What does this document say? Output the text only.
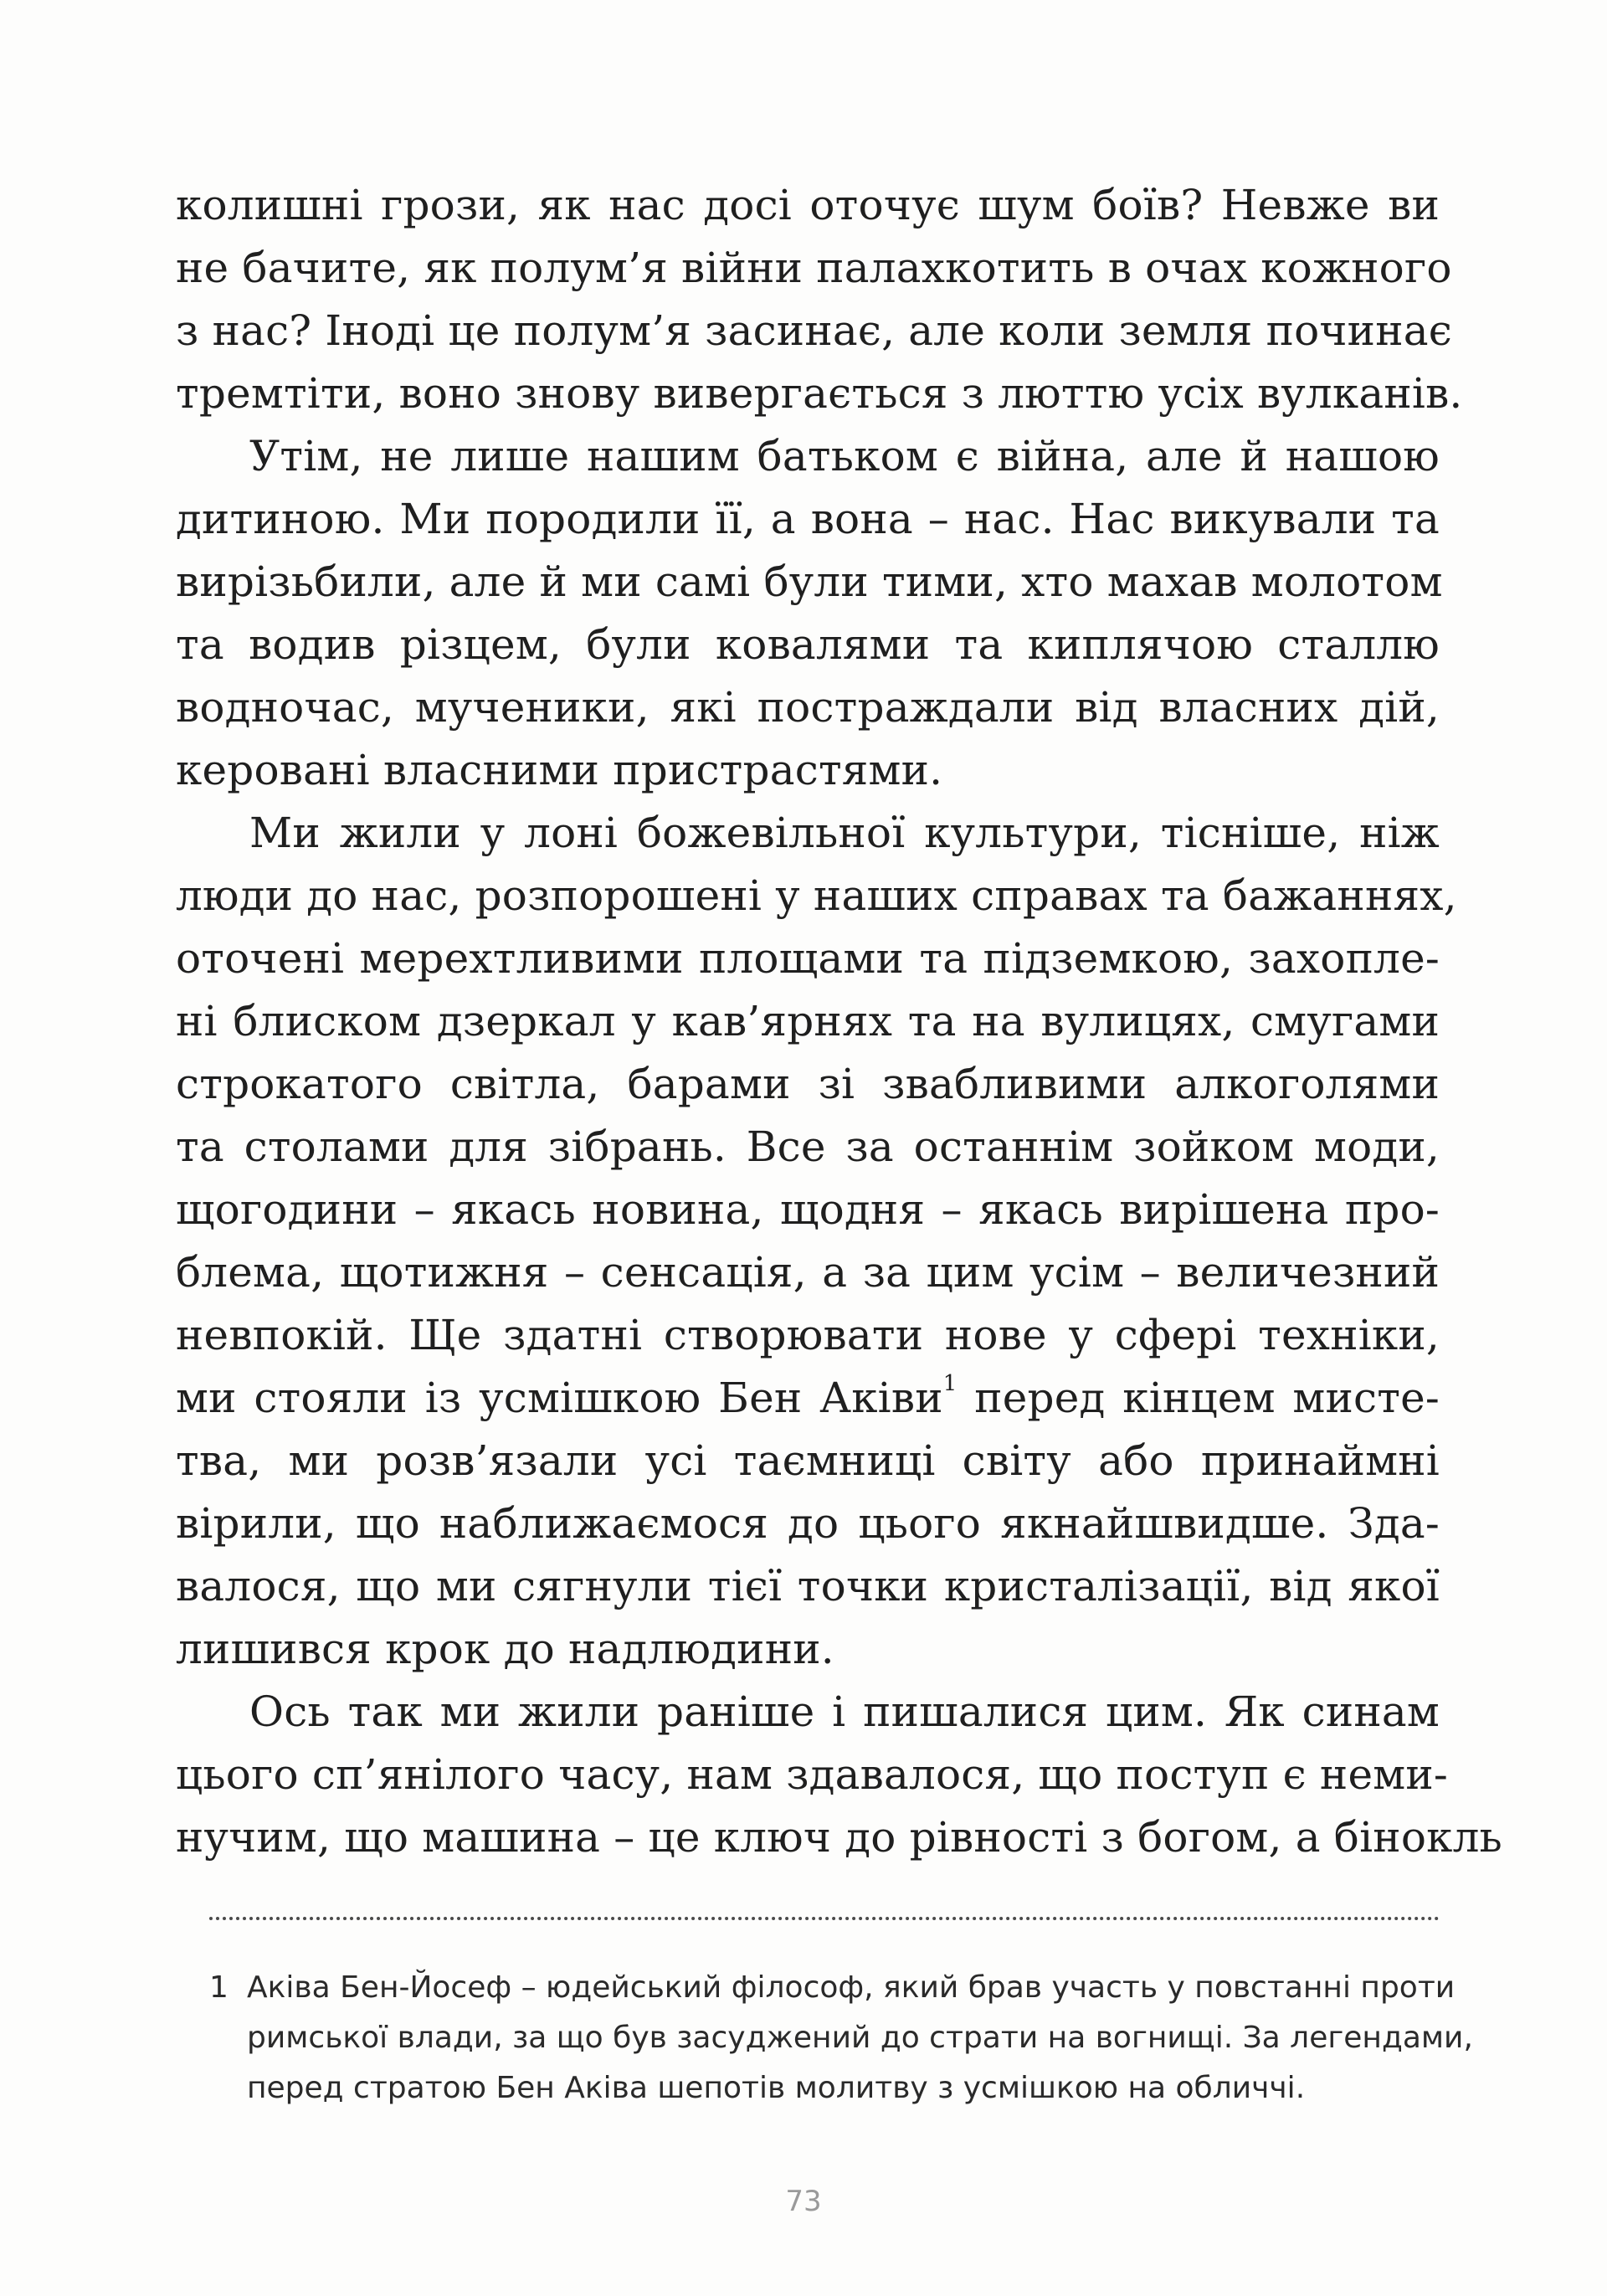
колишні грози, як нас досі оточує шум боїв? Невже ви
не бачите, як полум’я війни палахкотить в очах кожного
з нас? Іноді це полум’я засинає, але коли земля починає
тремтіти, воно знову вивергається з люттю усіх вулканів.
Утім, не лише нашим батьком є війна, але й нашою
дитиною. Ми породили її, а вона – нас. Нас викували та
вирізьбили, але й ми самі були тими, хто махав молотом
та водив різцем, були ковалями та киплячою сталлю
водночас, мученики, які постраждали від власних дій,
керовані власними пристрастями.
Ми жили у лоні божевільної культури, тісніше, ніж
люди до нас, розпорошені у наших справах та бажаннях,
оточені мерехтливими площами та підземкою, захопле-
ні блиском дзеркал у кав’ярнях та на вулицях, смугами
строкатого світла, барами зі звабливими алкоголями
та столами для зібрань. Все за останнім зойком моди,
щогодини – якась новина, щодня – якась вирішена про-
блема, щотижня – сенсація, а за цим усім – величезний
невпокій. Ще здатні створювати нове у сфері техніки,
ми стояли із усмішкою Бен Аківи$^1$ перед кінцем мисте-
тва, ми розв’язали усі таємниці світу або принаймні
вірили, що наближаємося до цього якнайшвидше. Зда-
валося, що ми сягнули тієї точки кристалізації, від якої
лишився крок до надлюдини.
Ось так ми жили раніше і пишалися цим. Як синам
цього сп’янілого часу, нам здавалося, що поступ є неми-
нучим, що машина – це ключ до рівності з богом, а бінокль
1 Аківа Бен-Йосеф – юдейський філософ, який брав участь у повстанні проти
римської влади, за що був засуджений до страти на вогнищі. За легендами,
перед стратою Бен Аківа шепотів молитву з усмішкою на обличчі.
73
